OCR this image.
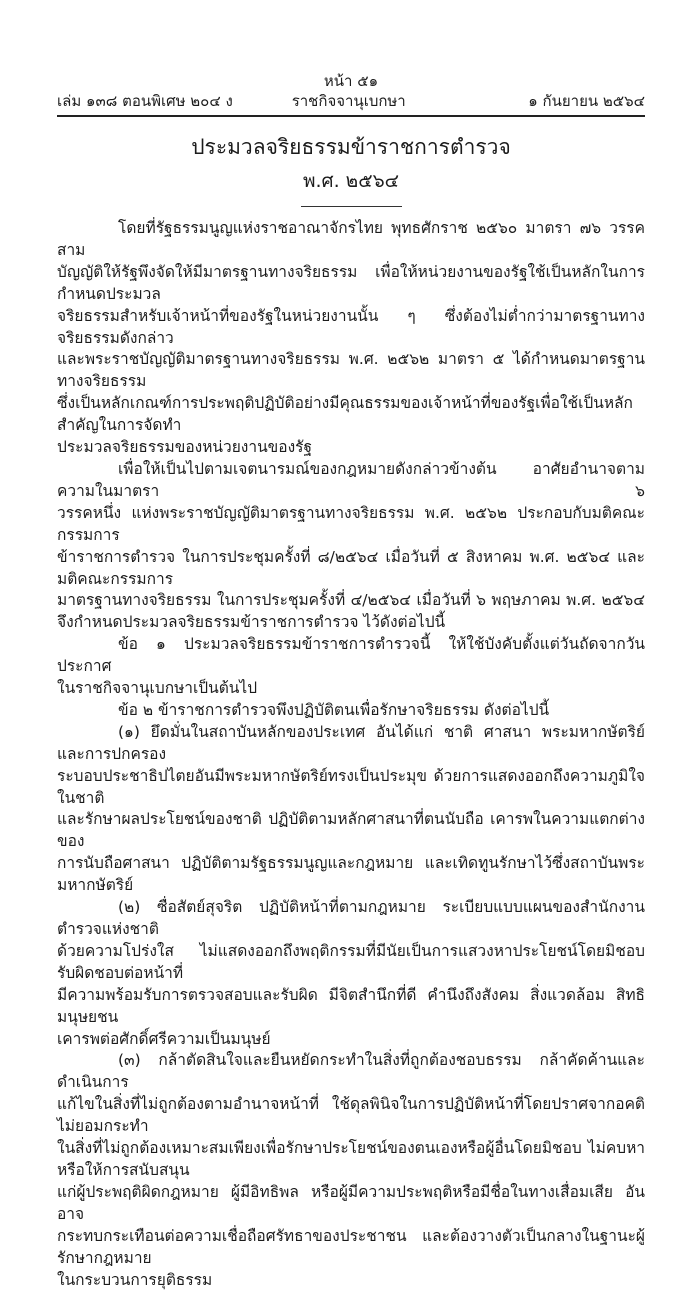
หน้า ๕๑
เล่ม ๑๓๘ ตอนพิเศษ ๒๐๔ ง	ราชกิจจานุเบกษา	๑ กันยายน ๒๕๖๔
ประมวลจริยธรรมข้าราชการตำรวจ
พ.ศ. ๒๕๖๔
โดยที่รัฐธรรมนูญแห่งราชอาณาจักรไทย พุทธศักราช ๒๕๖๐ มาตรา ๗๖ วรรคสาม
บัญญัติให้รัฐพึงจัดให้มีมาตรฐานทางจริยธรรม เพื่อให้หน่วยงานของรัฐใช้เป็นหลักในการกำหนดประมวล
จริยธรรมสำหรับเจ้าหน้าที่ของรัฐในหน่วยงานนั้น ๆ ซึ่งต้องไม่ต่ำกว่ามาตรฐานทางจริยธรรมดังกล่าว
และพระราชบัญญัติมาตรฐานทางจริยธรรม พ.ศ. ๒๕๖๒ มาตรา ๕ ได้กำหนดมาตรฐานทางจริยธรรม
ซึ่งเป็นหลักเกณฑ์การประพฤติปฏิบัติอย่างมีคุณธรรมของเจ้าหน้าที่ของรัฐเพื่อใช้เป็นหลักสำคัญในการจัดทำ
ประมวลจริยธรรมของหน่วยงานของรัฐ
เพื่อให้เป็นไปตามเจตนารมณ์ของกฎหมายดังกล่าวข้างต้น อาศัยอำนาจตามความในมาตรา ๖
วรรคหนึ่ง แห่งพระราชบัญญัติมาตรฐานทางจริยธรรม พ.ศ. ๒๕๖๒ ประกอบกับมติคณะกรรมการ
ข้าราชการตำรวจ ในการประชุมครั้งที่ ๘/๒๕๖๔ เมื่อวันที่ ๕ สิงหาคม พ.ศ. ๒๕๖๔ และมติคณะกรรมการ
มาตรฐานทางจริยธรรม ในการประชุมครั้งที่ ๔/๒๕๖๔ เมื่อวันที่ ๖ พฤษภาคม พ.ศ. ๒๕๖๔
จึงกำหนดประมวลจริยธรรมข้าราชการตำรวจ ไว้ดังต่อไปนี้
ข้อ ๑ ประมวลจริยธรรมข้าราชการตำรวจนี้ ให้ใช้บังคับตั้งแต่วันถัดจากวันประกาศ
ในราชกิจจานุเบกษาเป็นต้นไป
ข้อ ๒ ข้าราชการตำรวจพึงปฏิบัติตนเพื่อรักษาจริยธรรม ดังต่อไปนี้
(๑) ยึดมั่นในสถาบันหลักของประเทศ อันได้แก่ ชาติ ศาสนา พระมหากษัตริย์ และการปกครอง
ระบอบประชาธิปไตยอันมีพระมหากษัตริย์ทรงเป็นประมุข ด้วยการแสดงออกถึงความภูมิใจในชาติ
และรักษาผลประโยชน์ของชาติ ปฏิบัติตามหลักศาสนาที่ตนนับถือ เคารพในความแตกต่างของ
การนับถือศาสนา ปฏิบัติตามรัฐธรรมนูญและกฎหมาย และเทิดทูนรักษาไว้ซึ่งสถาบันพระมหากษัตริย์
(๒) ซื่อสัตย์สุจริต ปฏิบัติหน้าที่ตามกฎหมาย ระเบียบแบบแผนของสำนักงานตำรวจแห่งชาติ
ด้วยความโปร่งใส ไม่แสดงออกถึงพฤติกรรมที่มีนัยเป็นการแสวงหาประโยชน์โดยมิชอบ รับผิดชอบต่อหน้าที่
มีความพร้อมรับการตรวจสอบและรับผิด มีจิตสำนึกที่ดี คำนึงถึงสังคม สิ่งแวดล้อม สิทธิมนุษยชน
เคารพต่อศักดิ์ศรีความเป็นมนุษย์
(๓) กล้าตัดสินใจและยืนหยัดกระทำในสิ่งที่ถูกต้องชอบธรรม กล้าคัดค้านและดำเนินการ
แก้ไขในสิ่งที่ไม่ถูกต้องตามอำนาจหน้าที่ ใช้ดุลพินิจในการปฏิบัติหน้าที่โดยปราศจากอคติ ไม่ยอมกระทำ
ในสิ่งที่ไม่ถูกต้องเหมาะสมเพียงเพื่อรักษาประโยชน์ของตนเองหรือผู้อื่นโดยมิชอบ ไม่คบหาหรือให้การสนับสนุน
แก่ผู้ประพฤติผิดกฎหมาย ผู้มีอิทธิพล หรือผู้มีความประพฤติหรือมีชื่อในทางเสื่อมเสีย อันอาจ
กระทบกระเทือนต่อความเชื่อถือศรัทธาของประชาชน และต้องวางตัวเป็นกลางในฐานะผู้รักษากฎหมาย
ในกระบวนการยุติธรรม
